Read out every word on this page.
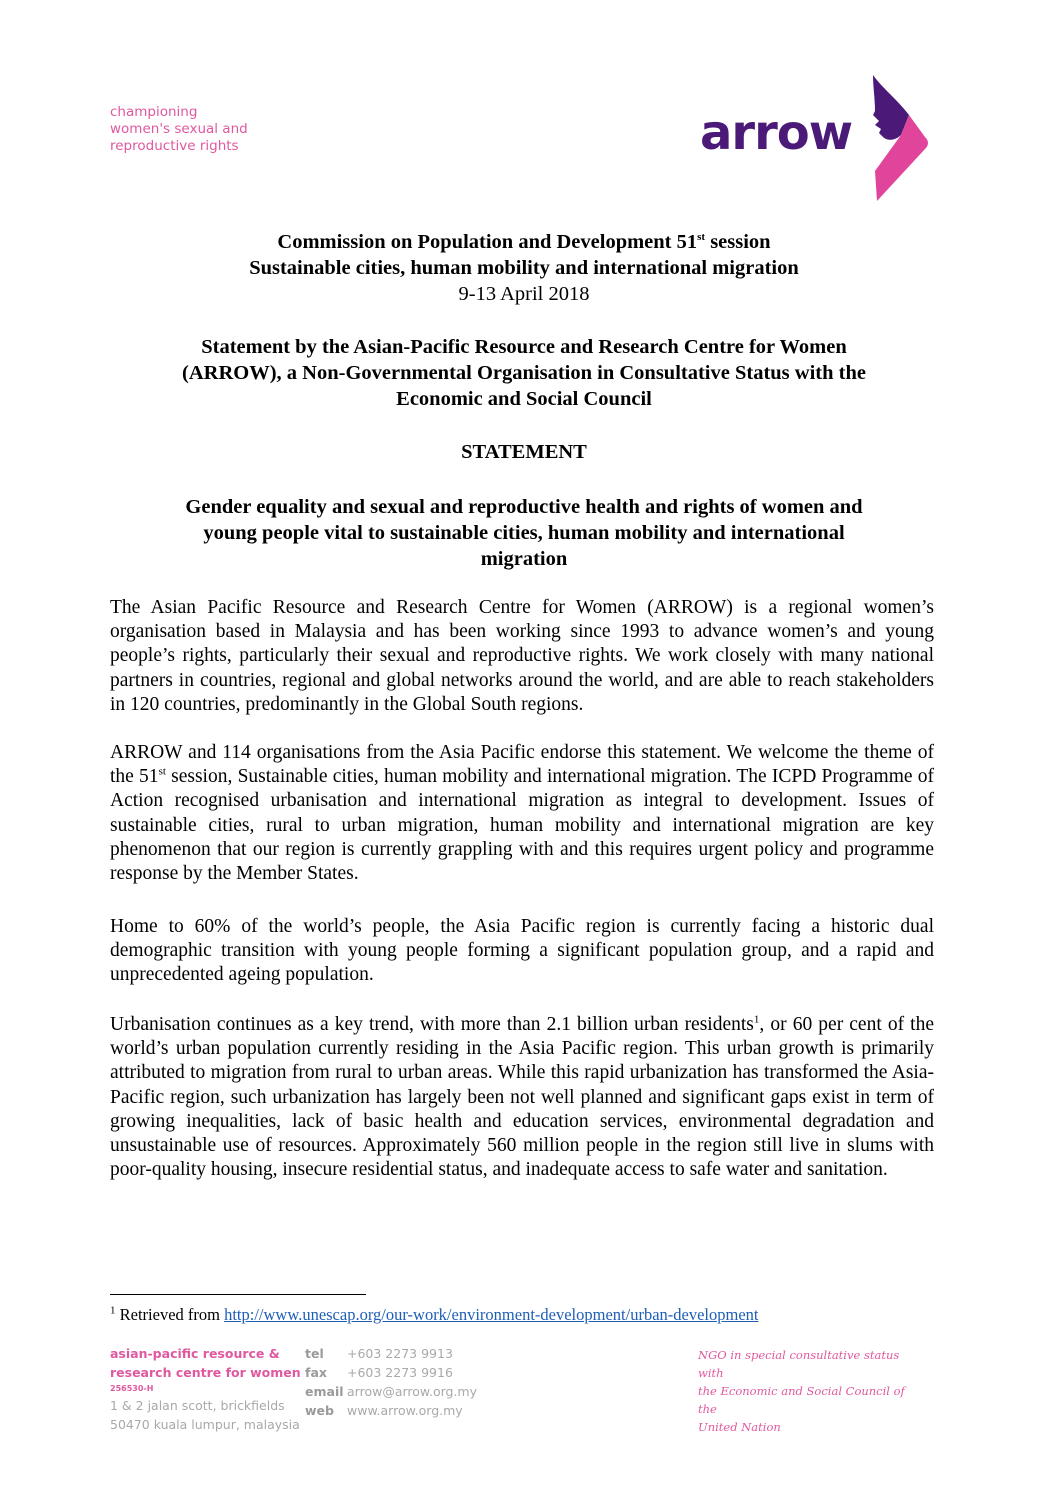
championing
women's sexual and
reproductive rights	arrow

Commission on Population and Development 51st session

Sustainable cities, human mobility and international migration

9-13 April 2018

Statement by the Asian-Pacific Resource and Research Centre for Women

(ARROW), a Non-Governmental Organisation in Consultative Status with the

Economic and Social Council

STATEMENT

Gender equality and sexual and reproductive health and rights of women and

young people vital to sustainable cities, human mobility and international

migration

The Asian Pacific Resource and Research Centre for Women (ARROW) is a regional women’s organisation based in Malaysia and has been working since 1993 to advance women’s and young people’s rights, particularly their sexual and reproductive rights. We work closely with many national partners in countries, regional and global networks around the world, and are able to reach stakeholders in 120 countries, predominantly in the Global South regions.

ARROW and 114 organisations from the Asia Pacific endorse this statement. We welcome the theme of the 51st session, Sustainable cities, human mobility and international migration. The ICPD Programme of Action recognised urbanisation and international migration as integral to development. Issues of sustainable cities, rural to urban migration, human mobility and international migration are key phenomenon that our region is currently grappling with and this requires urgent policy and programme response by the Member States.

Home to 60% of the world’s people, the Asia Pacific region is currently facing a historic dual demographic transition with young people forming a significant population group, and a rapid and unprecedented ageing population.

Urbanisation continues as a key trend, with more than 2.1 billion urban residents$^1$, or 60 per cent of the world’s urban population currently residing in the Asia Pacific region. This urban growth is primarily attributed to migration from rural to urban areas. While this rapid urbanization has transformed the Asia-Pacific region, such urbanization has largely been not well planned and significant gaps exist in term of growing inequalities, lack of basic health and education services, environmental degradation and unsustainable use of resources. Approximately 560 million people in the region still live in slums with poor-quality housing, insecure residential status, and inadequate access to safe water and sanitation.

$^1$ Retrieved from http://www.unescap.org/our-work/environment-development/urban-development
asian-pacific resource &
research centre for women
256530-H
1 & 2 jalan scott, brickfields
50470 kuala lumpur, malaysia
tel	+603 2273 9913
fax	+603 2273 9916
email arrow@arrow.org.my
web	www.arrow.org.my
NGO in special consultative status with
the Economic and Social Council of the
United Nation
